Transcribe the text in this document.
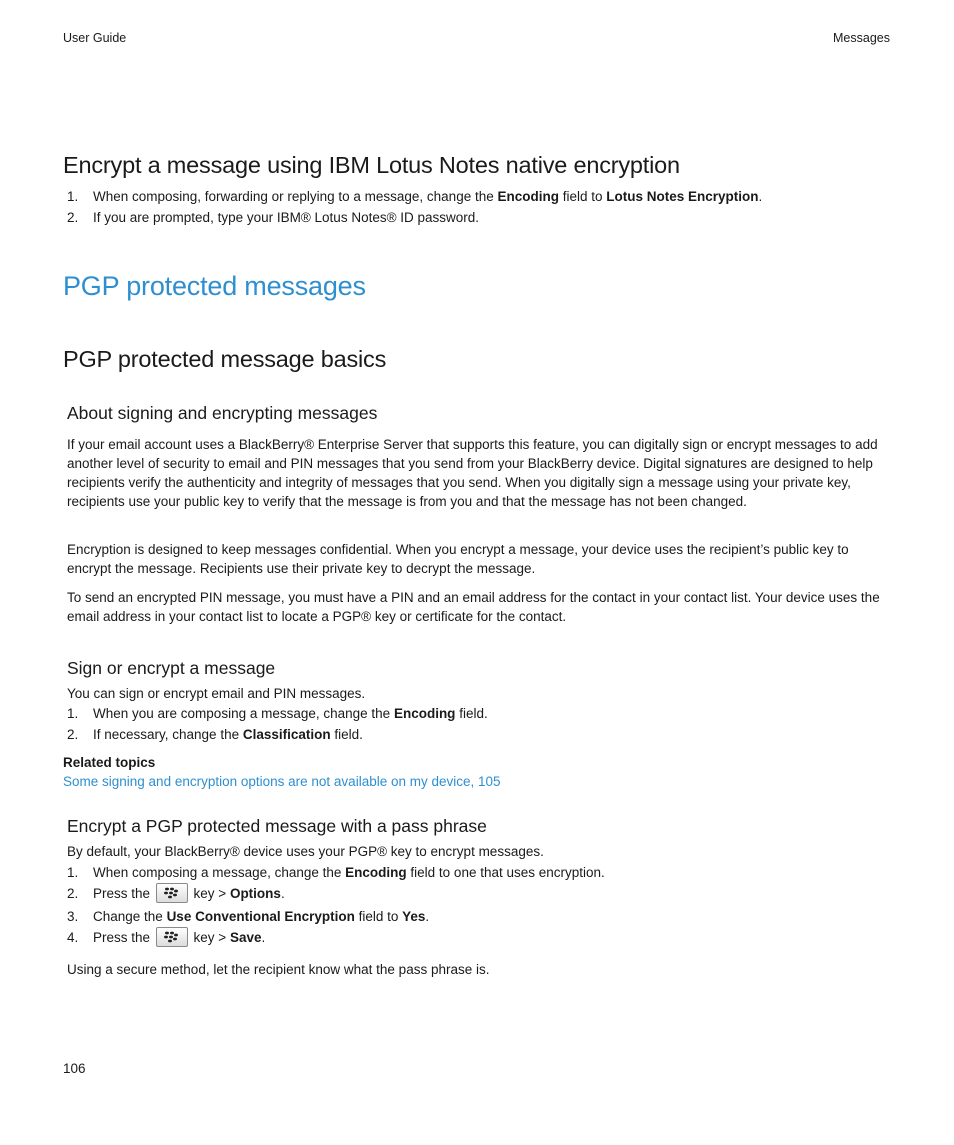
User Guide	Messages
Encrypt a message using IBM Lotus Notes native encryption
1. When composing, forwarding or replying to a message, change the Encoding field to Lotus Notes Encryption.
2. If you are prompted, type your IBM® Lotus Notes® ID password.
PGP protected messages
PGP protected message basics
About signing and encrypting messages

If your email account uses a BlackBerry® Enterprise Server that supports this feature, you can digitally sign or encrypt messages to add another level of security to email and PIN messages that you send from your BlackBerry device. Digital signatures are designed to help recipients verify the authenticity and integrity of messages that you send. When you digitally sign a message using your private key, recipients use your public key to verify that the message is from you and that the message has not been changed.

Encryption is designed to keep messages confidential. When you encrypt a message, your device uses the recipient’s public key to encrypt the message. Recipients use their private key to decrypt the message.

To send an encrypted PIN message, you must have a PIN and an email address for the contact in your contact list. Your device uses the email address in your contact list to locate a PGP® key or certificate for the contact.

Sign or encrypt a message

You can sign or encrypt email and PIN messages.

1. When you are composing a message, change the Encoding field.
2. If necessary, change the Classification field.
Related topics
Some signing and encryption options are not available on my device, 105
Encrypt a PGP protected message with a pass phrase

By default, your BlackBerry® device uses your PGP® key to encrypt messages.

1. When composing a message, change the Encoding field to one that uses encryption.
2. Press the	key > Options.
3. Change the Use Conventional Encryption field to Yes.
4. Press the	key > Save.

Using a secure method, let the recipient know what the pass phrase is.

106
